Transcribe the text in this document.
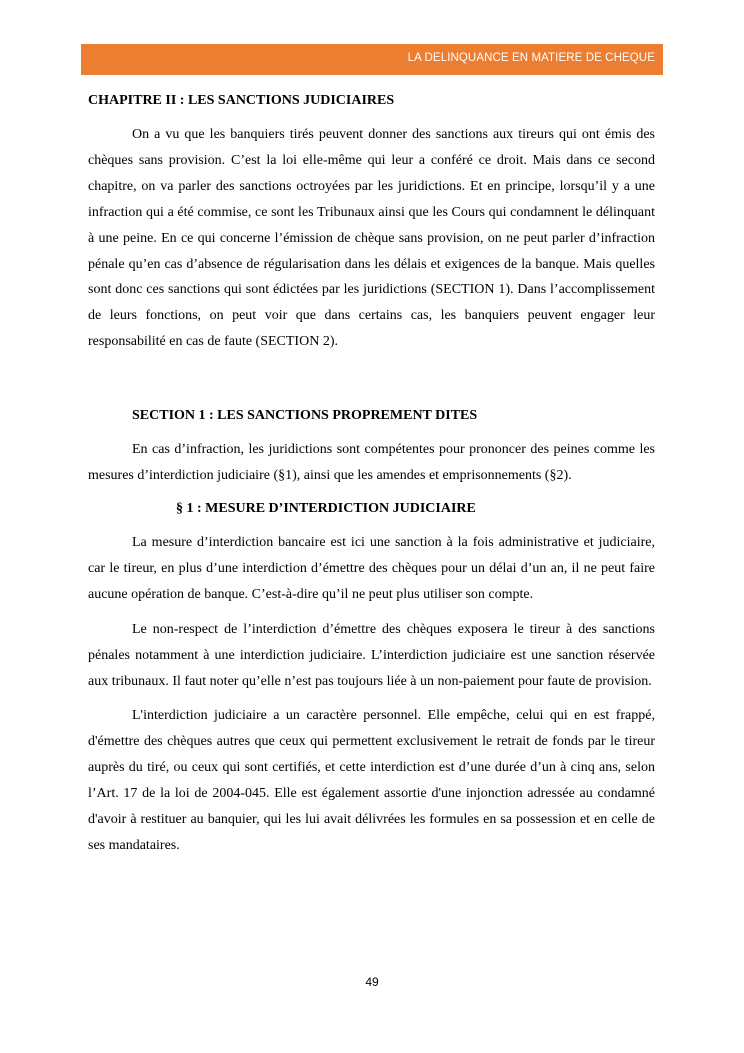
LA DELINQUANCE EN MATIERE DE CHEQUE
CHAPITRE II : LES SANCTIONS JUDICIAIRES

On a vu que les banquiers tirés peuvent donner des sanctions aux tireurs qui ont émis des chèques sans provision. C’est la loi elle-même qui leur a conféré ce droit. Mais dans ce second chapitre, on va parler des sanctions octroyées par les juridictions. Et en principe, lorsqu’il y a une infraction qui a été commise, ce sont les Tribunaux ainsi que les Cours qui condamnent le délinquant à une peine. En ce qui concerne l’émission de chèque sans provision, on ne peut parler d’infraction pénale qu’en cas d’absence de régularisation dans les délais et exigences de la banque. Mais quelles sont donc ces sanctions qui sont édictées par les juridictions (SECTION 1). Dans l’accomplissement de leurs fonctions, on peut voir que dans certains cas, les banquiers peuvent engager leur responsabilité en cas de faute (SECTION 2).

SECTION 1 : LES SANCTIONS PROPREMENT DITES

En cas d’infraction, les juridictions sont compétentes pour prononcer des peines comme les mesures d’interdiction judiciaire (§1), ainsi que les amendes et emprisonnements (§2).

§ 1 : MESURE D’INTERDICTION JUDICIAIRE

La mesure d’interdiction bancaire est ici une sanction à la fois administrative et judiciaire, car le tireur, en plus d’une interdiction d’émettre des chèques pour un délai d’un an, il ne peut faire aucune opération de banque. C’est-à-dire qu’il ne peut plus utiliser son compte.

Le non-respect de l’interdiction d’émettre des chèques exposera le tireur à des sanctions pénales notamment à une interdiction judiciaire. L’interdiction judiciaire est une sanction réservée aux tribunaux. Il faut noter qu’elle n’est pas toujours liée à un non-paiement pour faute de provision.

L'interdiction judiciaire a un caractère personnel. Elle empêche, celui qui en est frappé, d'émettre des chèques autres que ceux qui permettent exclusivement le retrait de fonds par le tireur auprès du tiré, ou ceux qui sont certifiés, et cette interdiction est d’une durée d’un à cinq ans, selon l’Art. 17 de la loi de 2004-045. Elle est également assortie d'une injonction adressée au condamné d'avoir à restituer au banquier, qui les lui avait délivrées les formules en sa possession et en celle de ses mandataires.

49
